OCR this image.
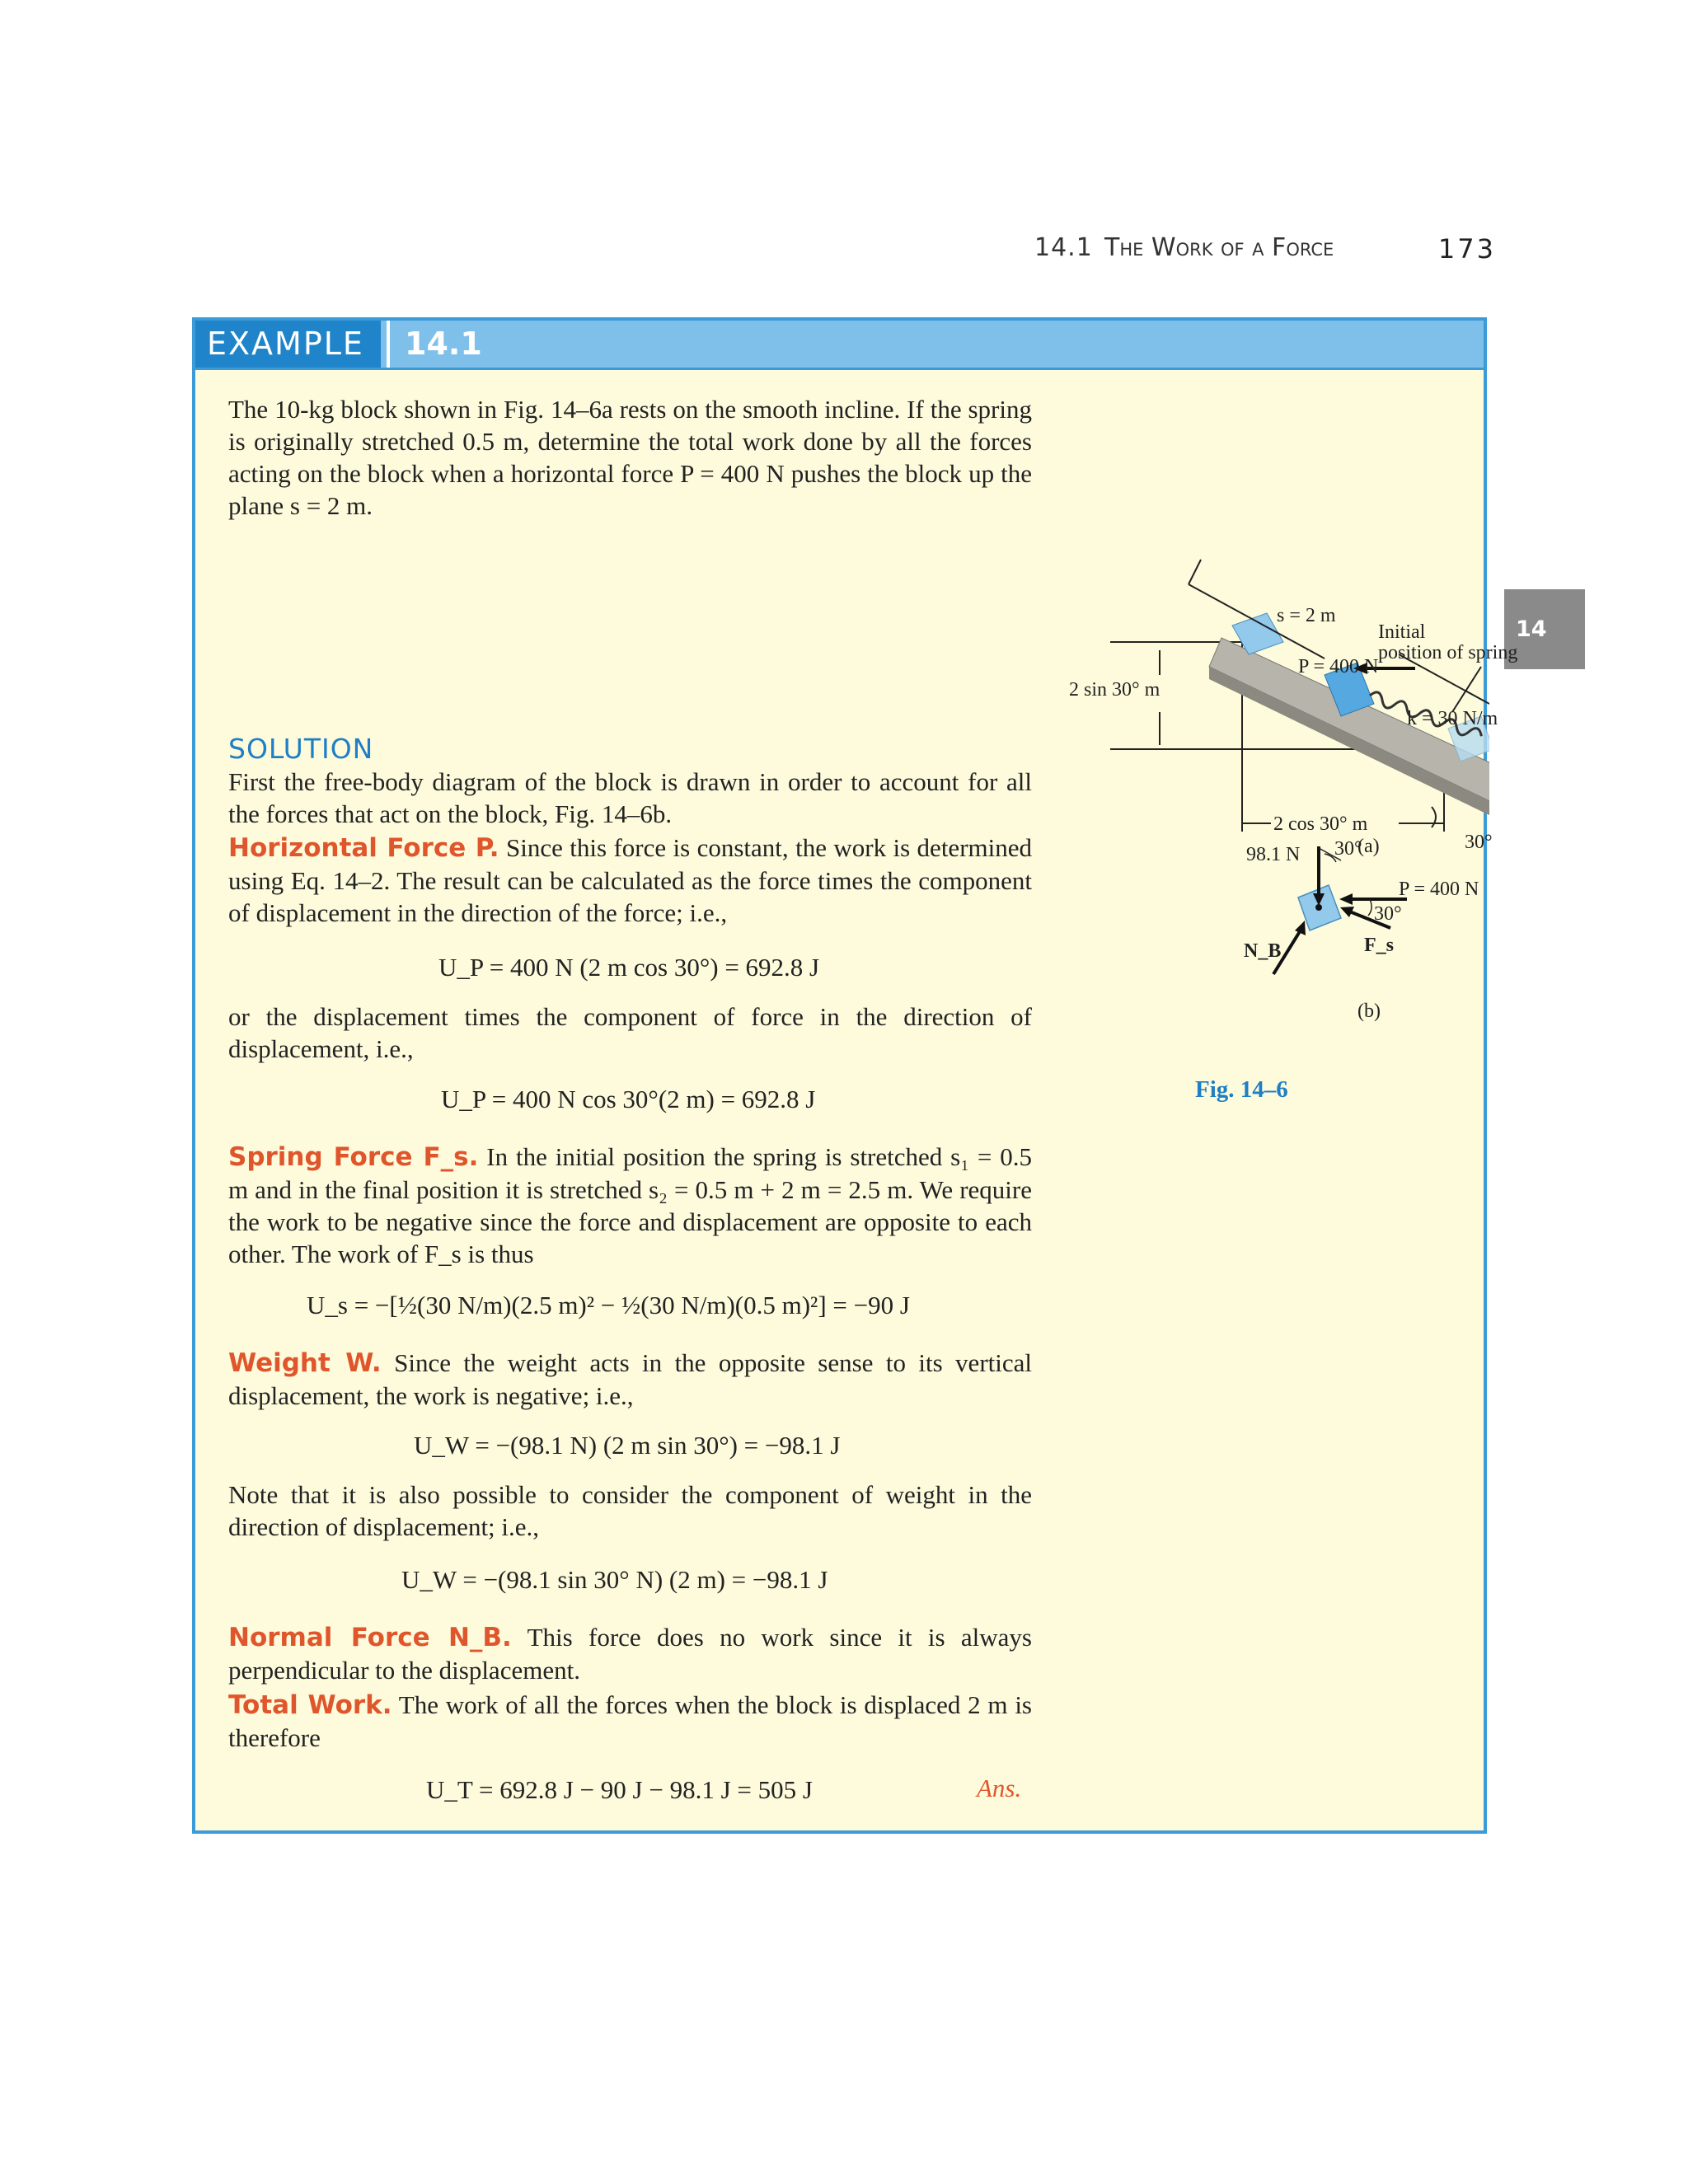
14.1 The Work of a Force	173
14
EXAMPLE	14.1
The 10-kg block shown in Fig. 14–6a rests on the smooth incline. If the spring is originally stretched 0.5 m, determine the total work done by all the forces acting on the block when a horizontal force P = 400 N pushes the block up the plane s = 2 m.
SOLUTION
First the free-body diagram of the block is drawn in order to account for all the forces that act on the block, Fig. 14–6b.
Horizontal Force P. Since this force is constant, the work is determined using Eq. 14–2. The result can be calculated as the force times the component of displacement in the direction of the force; i.e.,
U_P = 400 N (2 m cos 30°) = 692.8 J
or the displacement times the component of force in the direction of displacement, i.e.,
U_P = 400 N cos 30°(2 m) = 692.8 J
Spring Force F_s. In the initial position the spring is stretched s₁ = 0.5 m and in the final position it is stretched s₂ = 0.5 m + 2 m = 2.5 m. We require the work to be negative since the force and displacement are opposite to each other. The work of F_s is thus
U_s = −[½(30 N/m)(2.5 m)² − ½(30 N/m)(0.5 m)²] = −90 J
Weight W. Since the weight acts in the opposite sense to its vertical displacement, the work is negative; i.e.,
U_W = −(98.1 N) (2 m sin 30°) = −98.1 J
Note that it is also possible to consider the component of weight in the direction of displacement; i.e.,
U_W = −(98.1 sin 30° N) (2 m) = −98.1 J
Normal Force N_B. This force does no work since it is always perpendicular to the displacement.
Total Work. The work of all the forces when the block is displaced 2 m is therefore
U_T = 692.8 J − 90 J − 98.1 J = 505 J	Ans.
2 sin 30° m
s = 2 m
Initial
position of spring
P = 400 N
k = 30 N/m
2 cos 30° m
30°
(a)
98.1 N 30°
P = 400 N
30°
F_s
N_B
(b)
Fig. 14–6
